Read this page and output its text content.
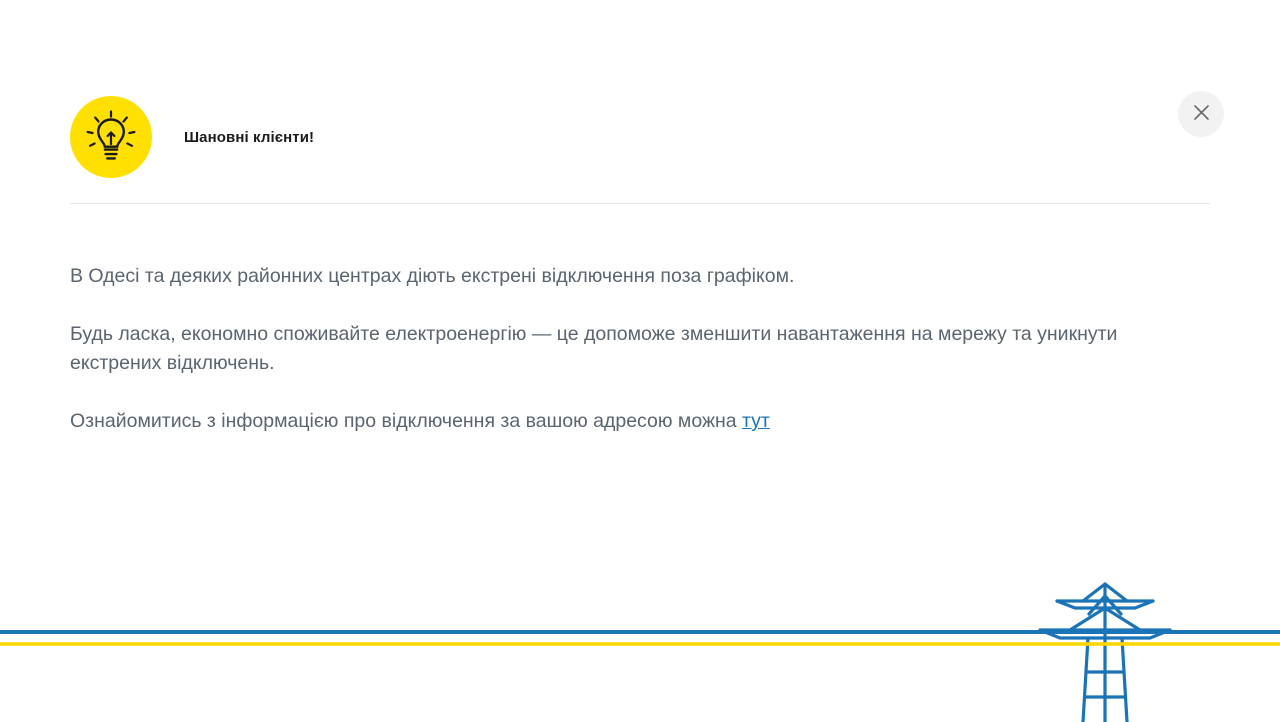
Шановні клієнти!

В Одесі та деяких районних центрах діють екстрені відключення поза графіком.

Будь ласка, економно споживайте електроенергію — це допоможе зменшити навантаження на мережу та уникнути екстрених відключень.

Ознайомитись з інформацією про відключення за вашою адресою можна тут
